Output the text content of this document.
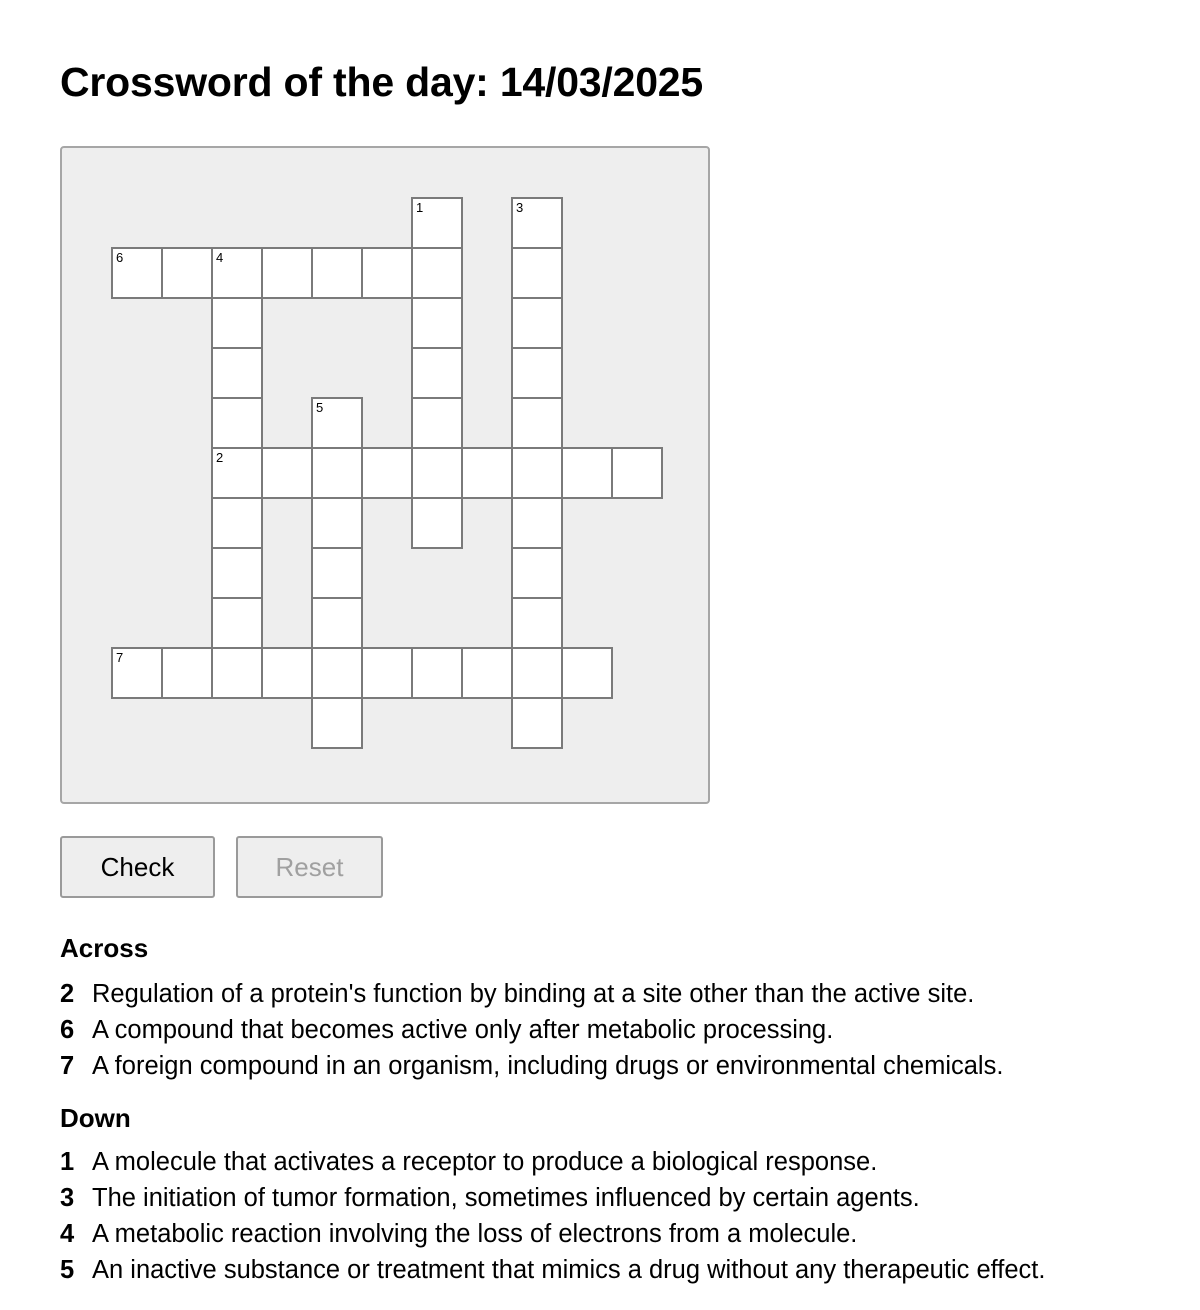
Crossword of the day: 14/03/2025
6	4
2
7
1	3
5
Check	Reset
Across
2 Regulation of a protein's function by binding at a site other than the active site.
6 A compound that becomes active only after metabolic processing.
7 A foreign compound in an organism, including drugs or environmental chemicals.
Down
1 A molecule that activates a receptor to produce a biological response.
3 The initiation of tumor formation, sometimes influenced by certain agents.
4 A metabolic reaction involving the loss of electrons from a molecule.
5 An inactive substance or treatment that mimics a drug without any therapeutic effect.
